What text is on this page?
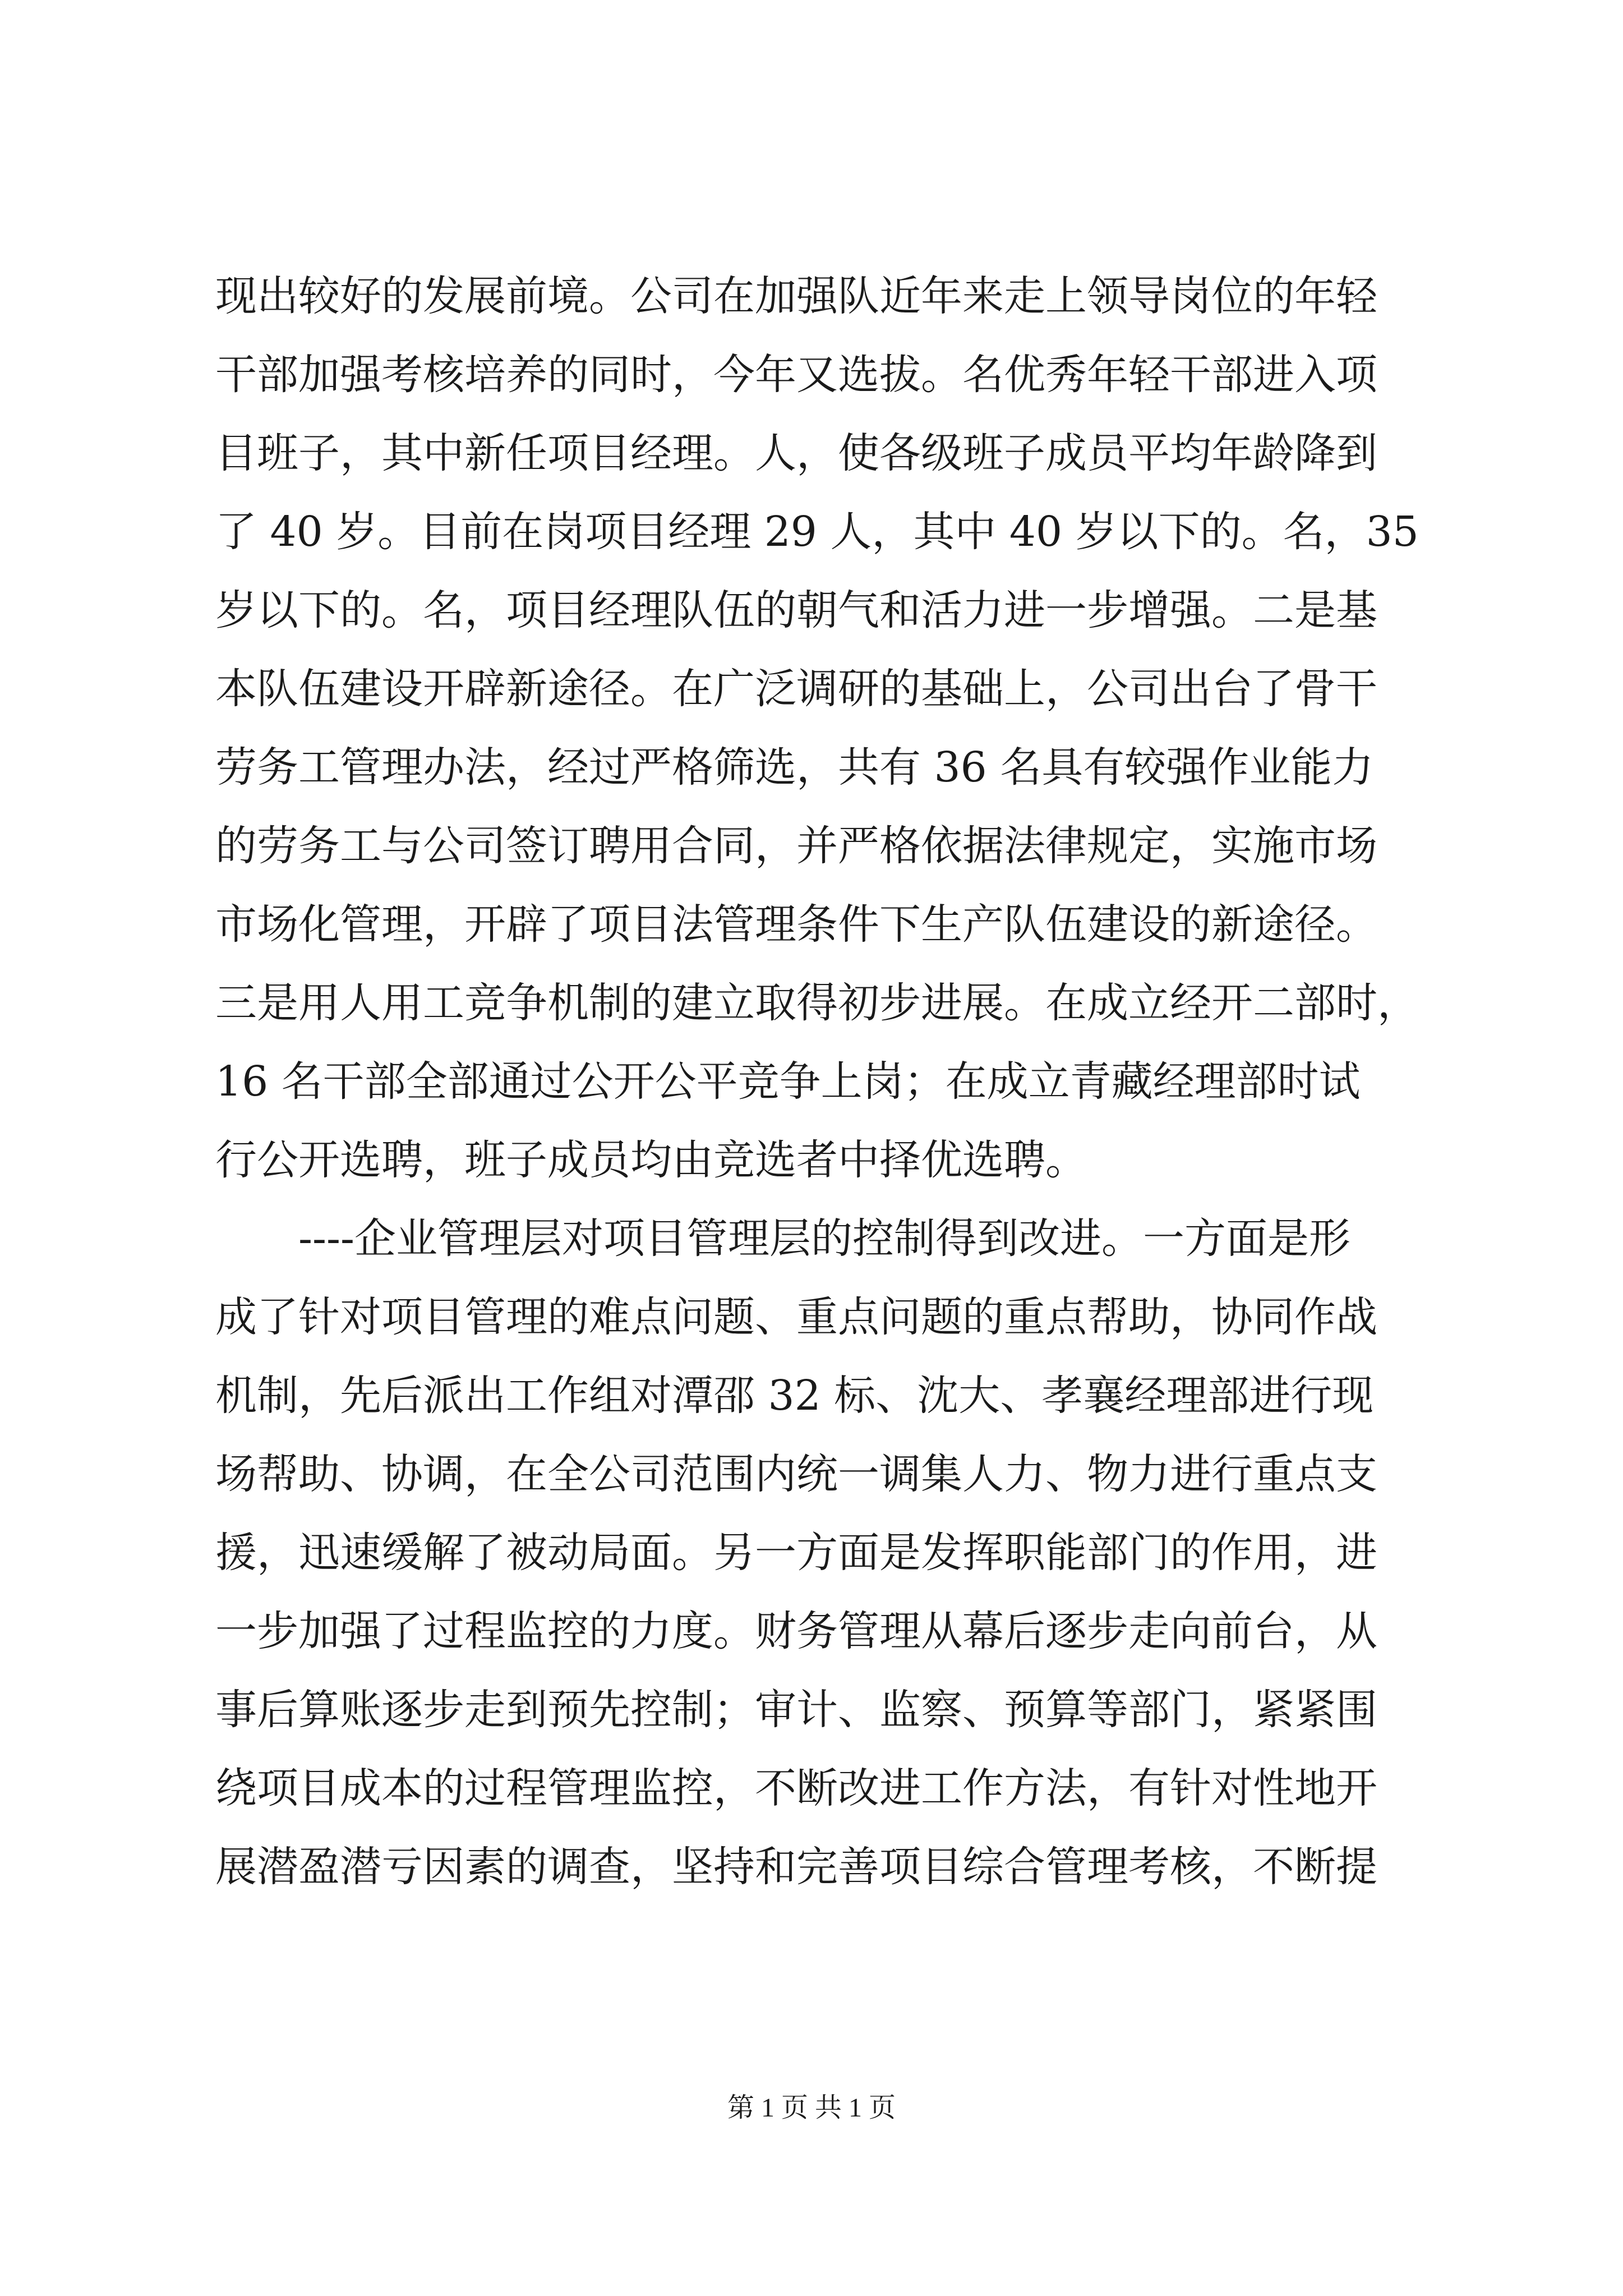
现出较好的发展前境。公司在加强队近年来走上领导岗位的年轻
干部加强考核培养的同时，今年又选拔。名优秀年轻干部进入项
目班子，其中新任项目经理。人，使各级班子成员平均年龄降到
了 40 岁。目前在岗项目经理 29 人，其中 40 岁以下的。名，35
岁以下的。名，项目经理队伍的朝气和活力进一步增强。二是基
本队伍建设开辟新途径。在广泛调研的基础上，公司出台了骨干
劳务工管理办法，经过严格筛选，共有 36 名具有较强作业能力
的劳务工与公司签订聘用合同，并严格依据法律规定，实施市场
市场化管理，开辟了项目法管理条件下生产队伍建设的新途径。
三是用人用工竞争机制的建立取得初步进展。在成立经开二部时，
16 名干部全部通过公开公平竞争上岗；在成立青藏经理部时试
行公开选聘，班子成员均由竞选者中择优选聘。
　　----企业管理层对项目管理层的控制得到改进。一方面是形
成了针对项目管理的难点问题、重点问题的重点帮助，协同作战
机制，先后派出工作组对潭邵 32 标、沈大、孝襄经理部进行现
场帮助、协调，在全公司范围内统一调集人力、物力进行重点支
援，迅速缓解了被动局面。另一方面是发挥职能部门的作用，进
一步加强了过程监控的力度。财务管理从幕后逐步走向前台，从
事后算账逐步走到预先控制；审计、监察、预算等部门，紧紧围
绕项目成本的过程管理监控，不断改进工作方法，有针对性地开
展潜盈潜亏因素的调查，坚持和完善项目综合管理考核，不断提
第 1 页 共 1 页
